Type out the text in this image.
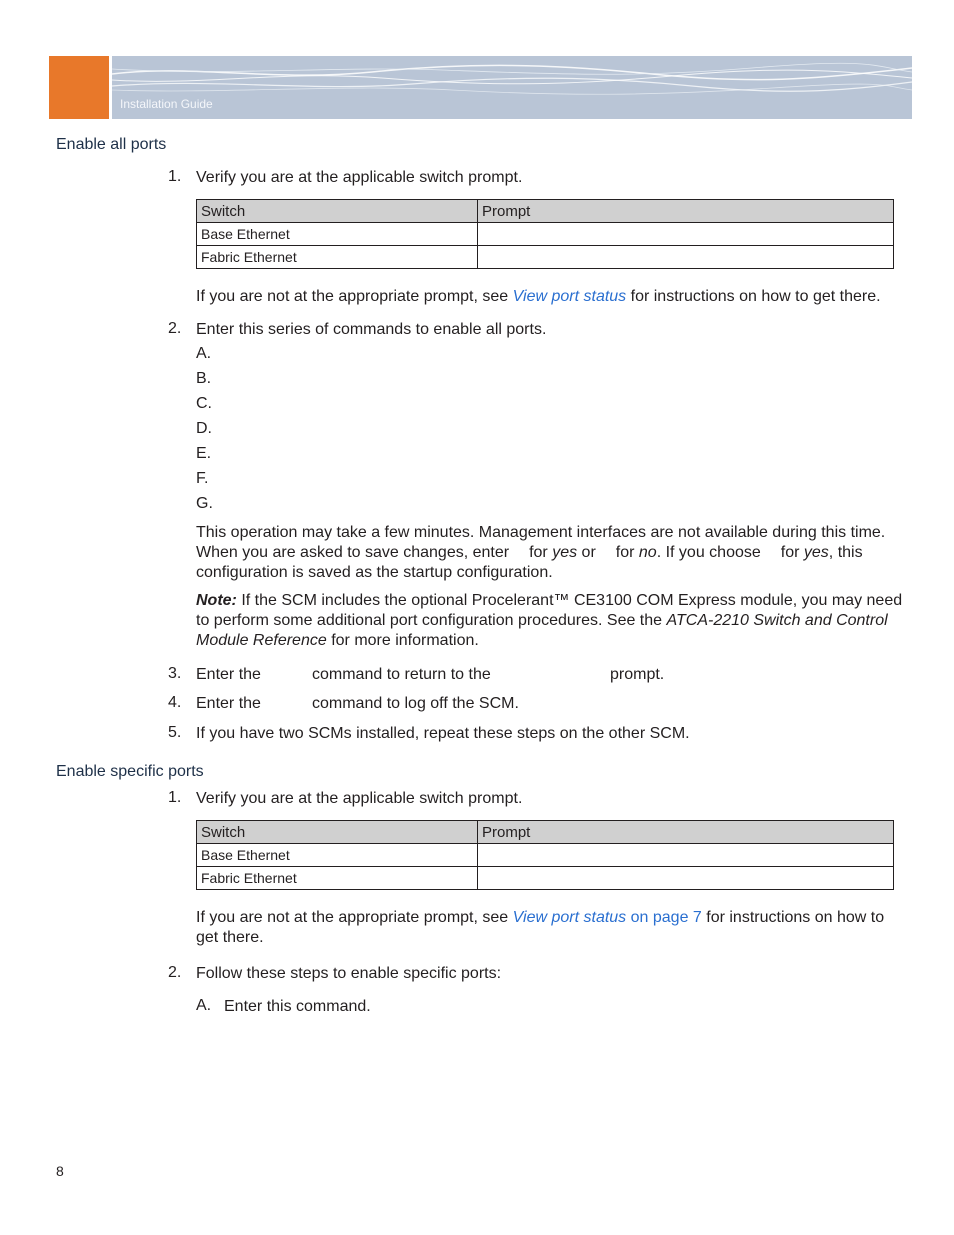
Installation Guide
Enable all ports
1. Verify you are at the applicable switch prompt.
Switch	Prompt
Base Ethernet	
Fabric Ethernet	
If you are not at the appropriate prompt, see View port status for instructions on how to get there.
2. Enter this series of commands to enable all ports.
A.
B.
C.
D.
E.
F.
G.
This operation may take a few minutes. Management interfaces are not available during this time.
When you are asked to save changes, enter for yes or for no. If you choose for yes, this
configuration is saved as the startup configuration.
Note: If the SCM includes the optional Procelerant™ CE3100 COM Express module, you may need
to perform some additional port configuration procedures. See the ATCA-2210 Switch and Control
Module Reference for more information.
3. Enter the	command to return to the	prompt.
4. Enter the	command to log off the SCM.
5. If you have two SCMs installed, repeat these steps on the other SCM.
Enable specific ports
1. Verify you are at the applicable switch prompt.
Switch	Prompt
Base Ethernet	
Fabric Ethernet	
If you are not at the appropriate prompt, see View port status on page 7 for instructions on how to
get there.
2. Follow these steps to enable specific ports:
A. Enter this command.
8
